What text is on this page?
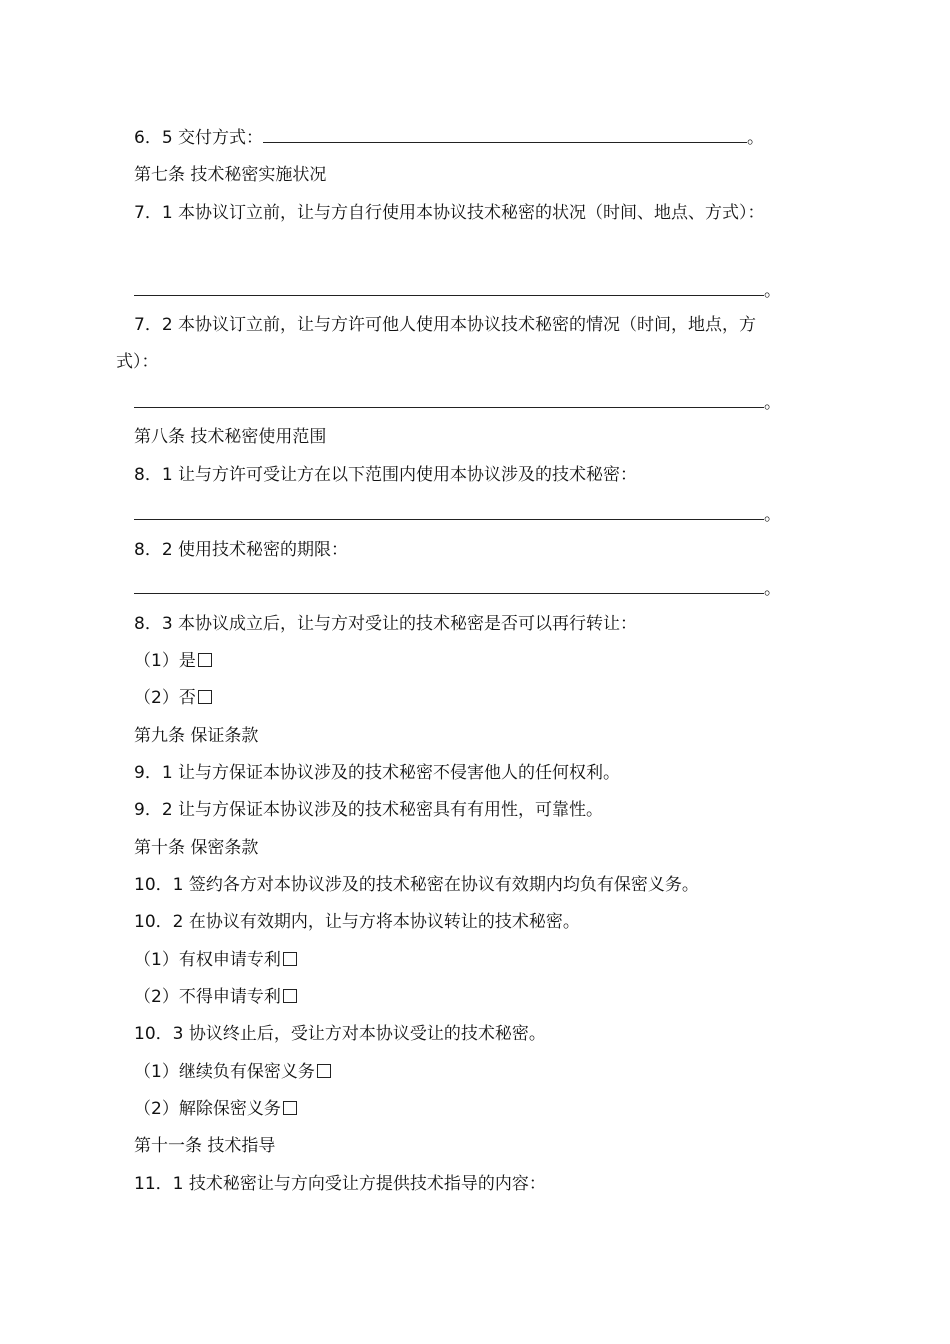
6．5 交付方式：	。
第七条 技术秘密实施状况
7．1 本协议订立前，让与方自行使用本协议技术秘密的状况（时间、地点、方式）：
。
7．2 本协议订立前，让与方许可他人使用本协议技术秘密的情况（时间，地点，方
式）：
。
第八条 技术秘密使用范围
8．1 让与方许可受让方在以下范围内使用本协议涉及的技术秘密：
。
8．2 使用技术秘密的期限：
。
8．3 本协议成立后，让与方对受让的技术秘密是否可以再行转让：
（1）是
（2）否
第九条 保证条款
9．1 让与方保证本协议涉及的技术秘密不侵害他人的任何权利。
9．2 让与方保证本协议涉及的技术秘密具有有用性，可靠性。
第十条 保密条款
10．1 签约各方对本协议涉及的技术秘密在协议有效期内均负有保密义务。
10．2 在协议有效期内，让与方将本协议转让的技术秘密。
（1）有权申请专利
（2）不得申请专利
10．3 协议终止后，受让方对本协议受让的技术秘密。
（1）继续负有保密义务
（2）解除保密义务
第十一条 技术指导
11．1 技术秘密让与方向受让方提供技术指导的内容：
